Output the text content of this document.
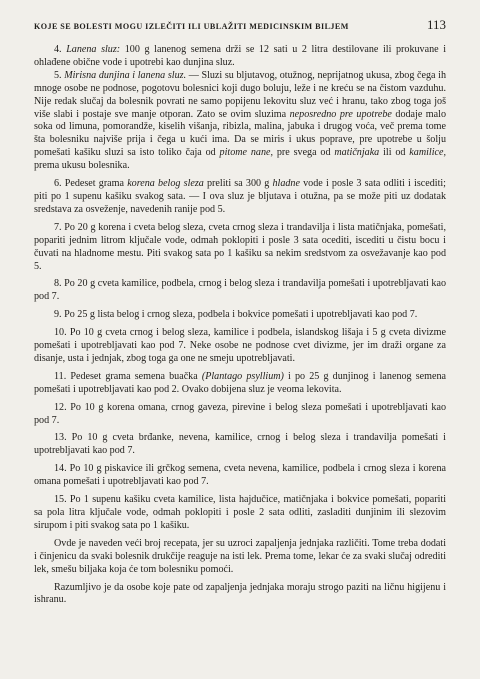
KOJE SE BOLESTI MOGU IZLEČITI ILI UBLAŽITI MEDICINSKIM BILJEM	113

4. Lanena sluz: 100 g lanenog semena drži se 12 sati u 2 litra destilovane ili prokuvane i ohlađene obične vode i upotrebi kao dunjina sluz.

5. Mirisna dunjina i lanena sluz. — Sluzi su bljutavog, otužnog, neprijatnog ukusa, zbog čega ih mnoge osobe ne podnose, pogotovu bolesnici koji dugo boluju, leže i ne kreću se na čistom vazduhu. Nije redak slučaj da bolesnik povrati ne samo popijenu lekovitu sluz već i hranu, tako zbog toga još više slabi i postaje sve manje otporan. Zato se ovim sluzima neposredno pre upotrebe dodaje malo soka od limuna, pomorandže, kiselih višanja, ribizla, malina, jabuka i drugog voća, več prema tome šta bolesniku najviše prija i čega u kući ima. Da se miris i ukus poprave, pre upotrebe u šolju pomešati kašiku sluzi sa isto toliko čaja od pitome nane, pre svega od matičnjaka ili od kamilice, prema ukusu bolesnika.

6. Pedeset grama korena belog sleza preliti sa 300 g hladne vode i posle 3 sata odliti i iscediti; piti po 1 supenu kašiku svakog sata. — I ova sluz je bljutava i otužna, pa se može piti uz dodatak sredstava za osveženje, navedenih ranije pod 5.

7. Po 20 g korena i cveta belog sleza, cveta crnog sleza i trandavilja i lista matičnjaka, pomešati, popariti jednim litrom ključale vode, odmah poklopiti i posle 3 sata ocediti, iscediti u čistu bocu i čuvati na hladnome mestu. Piti svakog sata po 1 kašiku sa nekim sredstvom za osvežavanje kao pod 5.

8. Po 20 g cveta kamilice, podbela, crnog i belog sleza i trandavilja pomešati i upotrebljavati kao pod 7.

9. Po 25 g lista belog i crnog sleza, podbela i bokvice pomešati i upotrebljavati kao pod 7.

10. Po 10 g cveta crnog i belog sleza, kamilice i podbela, islandskog lišaja i 5 g cveta divizme pomešati i upotrebljavati kao pod 7. Neke osobe ne podnose cvet divizme, jer im draži organe za disanje, usta i jednjak, zbog toga ga one ne smeju upotrebljavati.

11. Pedeset grama semena buačka (Plantago psyllium) i po 25 g dunjinog i lanenog semena pomešati i upotrebljavati kao pod 2. Ovako dobijena sluz je veoma lekovita.

12. Po 10 g korena omana, crnog gaveza, pirevine i belog sleza pomešati i upotrebljavati kao pod 7.

13. Po 10 g cveta brđanke, nevena, kamilice, crnog i belog sleza i trandavilja pomešati i upotrebljavati kao pod 7.

14. Po 10 g piskavice ili grčkog semena, cveta nevena, kamilice, podbela i crnog sleza i korena omana pomešati i upotrebljavati kao pod 7.

15. Po 1 supenu kašiku cveta kamilice, lista hajdučice, matičnjaka i bokvice pomešati, popariti sa pola litra ključale vode, odmah poklopiti i posle 2 sata odliti, zasladiti dunjinim ili slezovim sirupom i piti svakog sata po 1 kašiku.

Ovde je naveden veći broj recepata, jer su uzroci zapaljenja jednjaka različiti. Tome treba dodati i činjenicu da svaki bolesnik drukčije reaguje na isti lek. Prema tome, lekar će za svaki slučaj odrediti lek, smešu biljaka koja će tom bolesniku pomoći.

Razumljivo je da osobe koje pate od zapaljenja jednjaka moraju strogo paziti na ličnu higijenu i ishranu.
